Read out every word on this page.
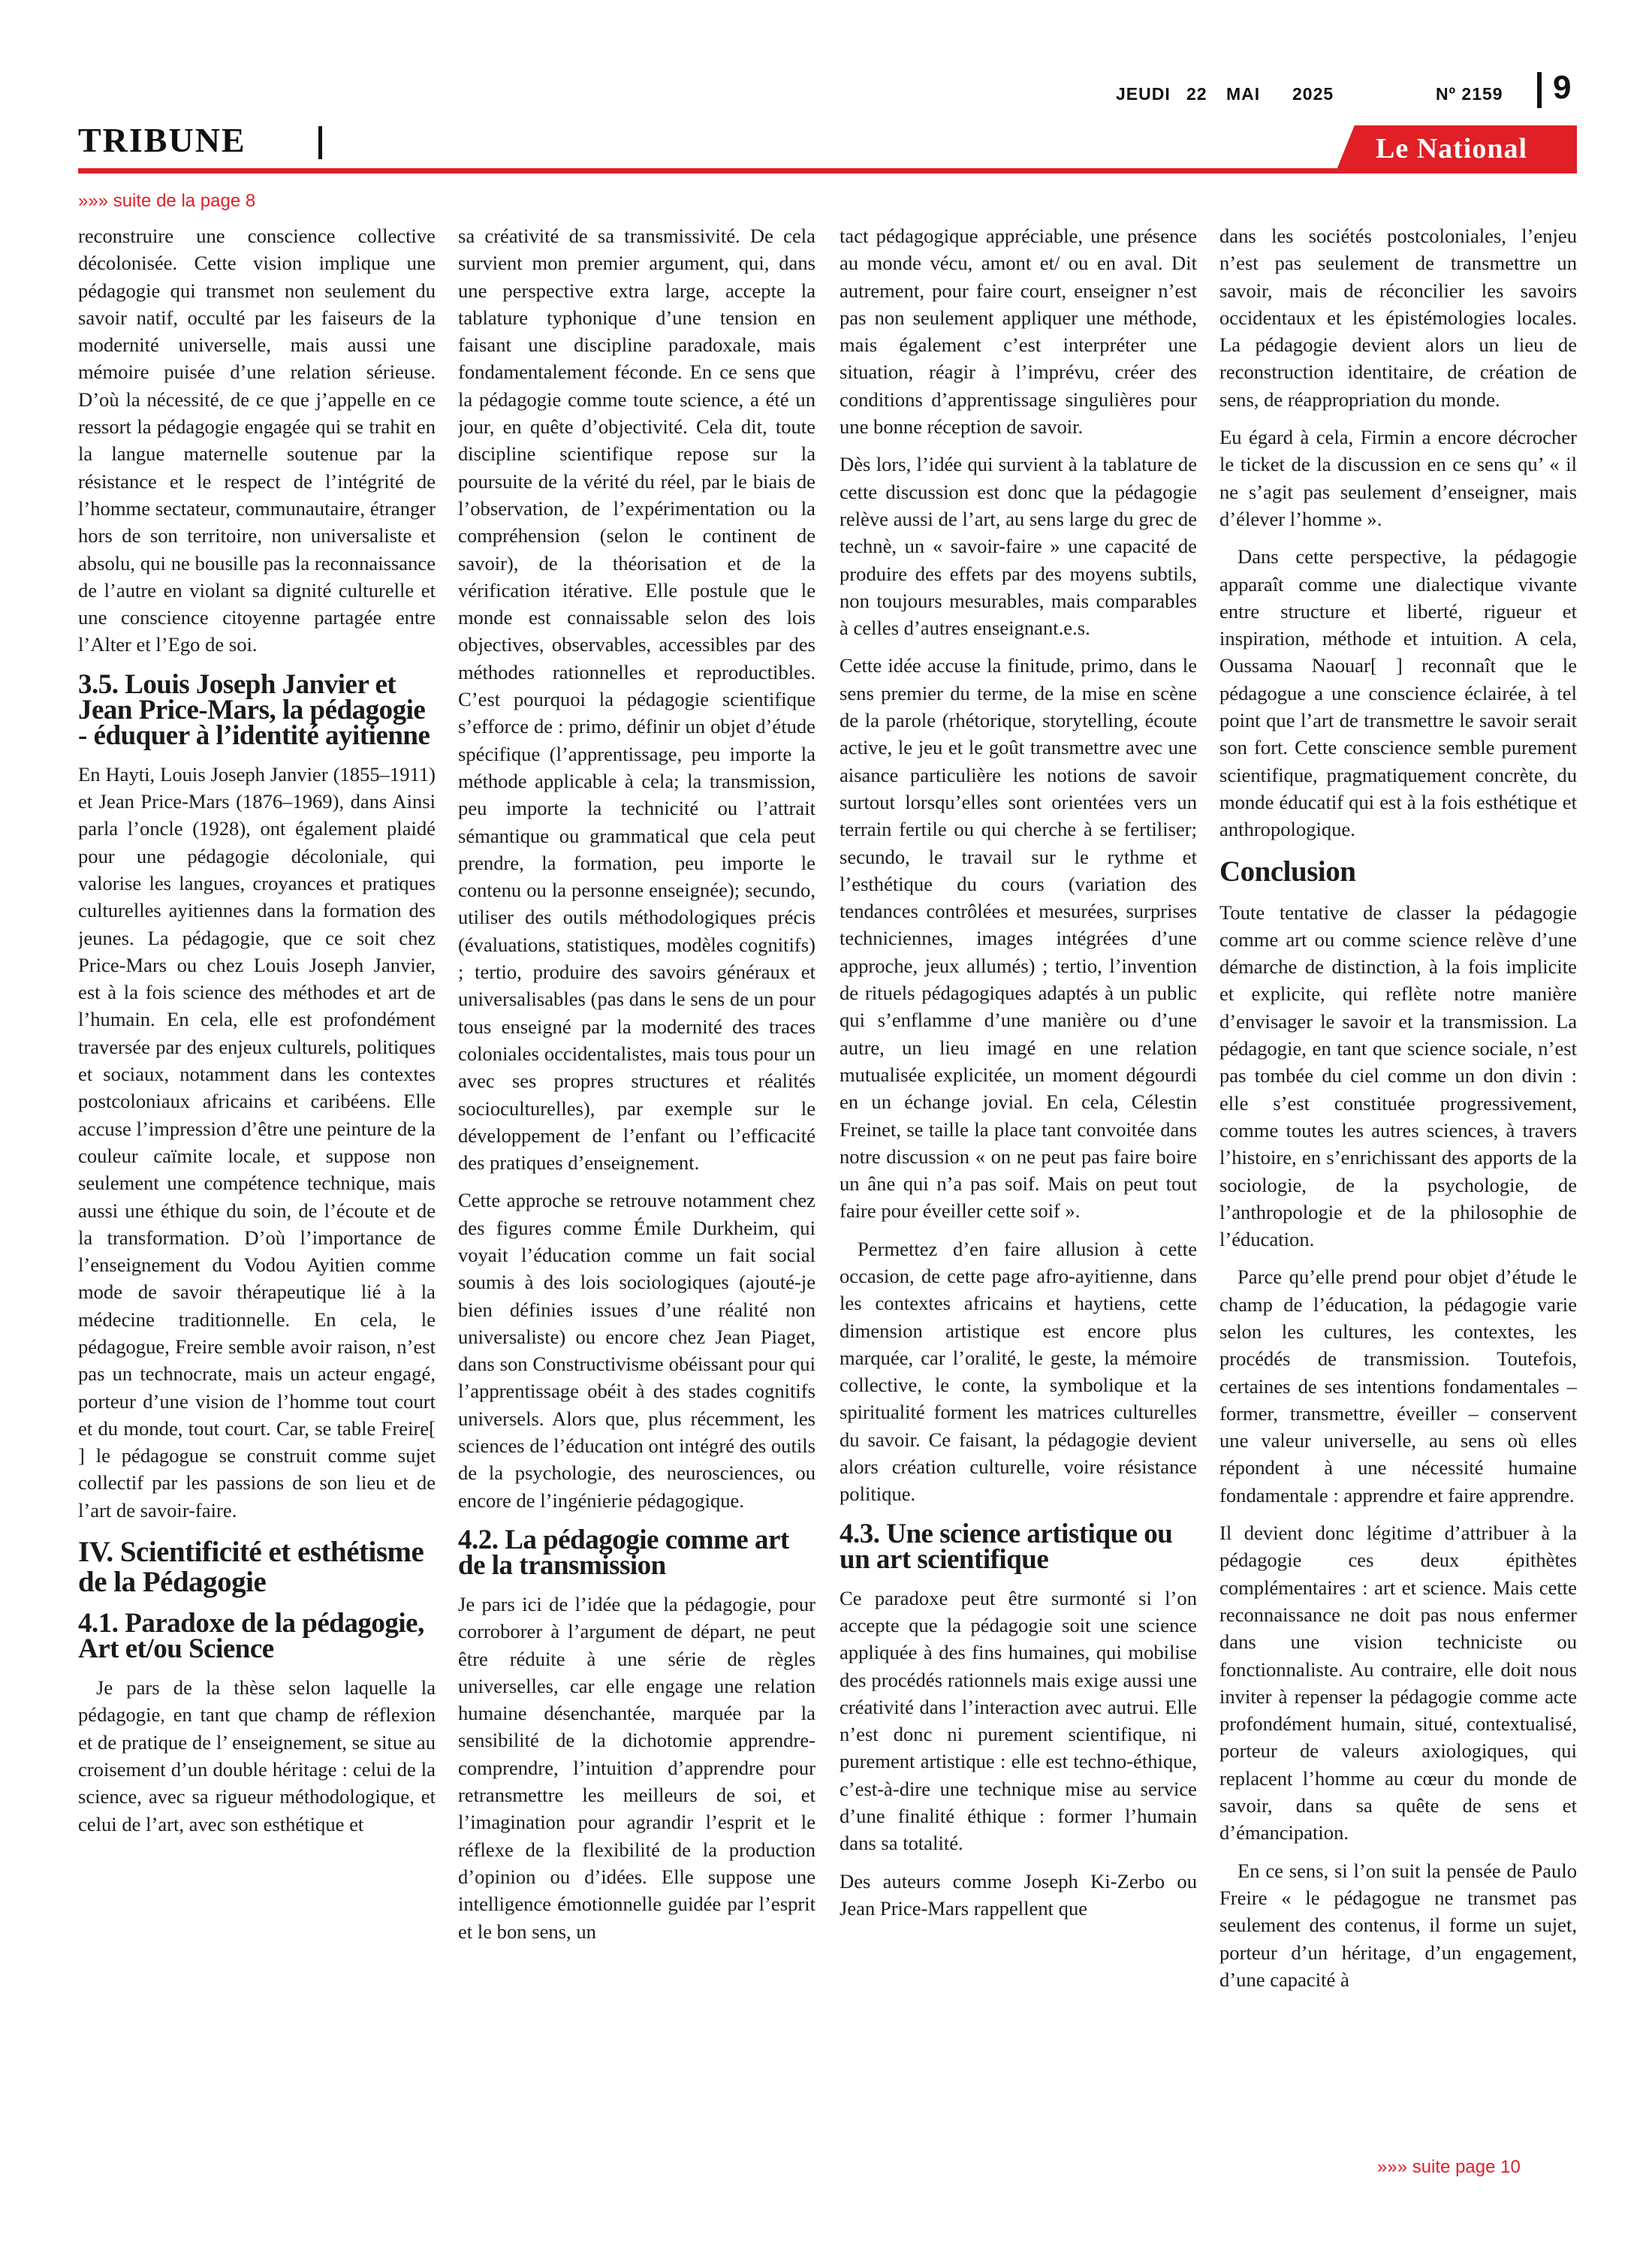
JEUDI 22 MAI 2025	Nº 2159 9
TRIBUNE	Le National
»»» suite de la page 8

reconstruire une conscience collective décolonisée. Cette vision implique une pédagogie qui transmet non seulement du savoir natif, occulté par les faiseurs de la modernité universelle, mais aussi une mémoire puisée d’une relation sérieuse. D’où la nécessité, de ce que j’appelle en ce ressort la pédagogie engagée qui se trahit en la langue maternelle soutenue par la résistance et le respect de l’intégrité de l’homme sectateur, communautaire, étranger hors de son territoire, non universaliste et absolu, qui ne bousille pas la reconnaissance de l’autre en violant sa dignité culturelle et une conscience citoyenne partagée entre l’Alter et l’Ego de soi.

3.5. Louis Joseph Janvier et Jean Price-Mars, la pédagogie - éduquer à l’identité ayitienne

En Hayti, Louis Joseph Janvier (1855–1911) et Jean Price-Mars (1876–1969), dans Ainsi parla l’oncle (1928), ont également plaidé pour une pédagogie décoloniale, qui valorise les langues, croyances et pratiques culturelles ayitiennes dans la formation des jeunes. La pédagogie, que ce soit chez Price-Mars ou chez Louis Joseph Janvier, est à la fois science des méthodes et art de l’humain. En cela, elle est profondément traversée par des enjeux culturels, politiques et sociaux, notamment dans les contextes postcoloniaux africains et caribéens. Elle accuse l’impression d’être une peinture de la couleur caïmite locale, et suppose non seulement une compétence technique, mais aussi une éthique du soin, de l’écoute et de la transformation. D’où l’importance de l’enseignement du Vodou Ayitien comme mode de savoir thérapeutique lié à la médecine traditionnelle. En cela, le pédagogue, Freire semble avoir raison, n’est pas un technocrate, mais un acteur engagé, porteur d’une vision de l’homme tout court et du monde, tout court. Car, se table Freire[ ] le pédagogue se construit comme sujet collectif par les passions de son lieu et de l’art de savoir-faire.

IV. Scientificité et esthétisme de la Pédagogie
4.1. Paradoxe de la pédagogie, Art et/ou Science

Je pars de la thèse selon laquelle la pédagogie, en tant que champ de réflexion et de pratique de l’ enseignement, se situe au croisement d’un double héritage : celui de la science, avec sa rigueur méthodologique, et celui de l’art, avec son esthétique et

sa créativité de sa transmissivité. De cela survient mon premier argument, qui, dans une perspective extra large, accepte la tablature typhonique d’une tension en faisant une discipline paradoxale, mais fondamentalement féconde. En ce sens que la pédagogie comme toute science, a été un jour, en quête d’objectivité. Cela dit, toute discipline scientifique repose sur la poursuite de la vérité du réel, par le biais de l’observation, de l’expérimentation ou la compréhension (selon le continent de savoir), de la théorisation et de la vérification itérative. Elle postule que le monde est connaissable selon des lois objectives, observables, accessibles par des méthodes rationnelles et reproductibles. C’est pourquoi la pédagogie scientifique s’efforce de : primo, définir un objet d’étude spécifique (l’apprentissage, peu importe la méthode applicable à cela; la transmission, peu importe la technicité ou l’attrait sémantique ou grammatical que cela peut prendre, la formation, peu importe le contenu ou la personne enseignée); secundo, utiliser des outils méthodologiques précis (évaluations, statistiques, modèles cognitifs) ; tertio, produire des savoirs généraux et universalisables (pas dans le sens de un pour tous enseigné par la modernité des traces coloniales occidentalistes, mais tous pour un avec ses propres structures et réalités socioculturelles), par exemple sur le développement de l’enfant ou l’efficacité des pratiques d’enseignement.

Cette approche se retrouve notamment chez des figures comme Émile Durkheim, qui voyait l’éducation comme un fait social soumis à des lois sociologiques (ajouté-je bien définies issues d’une réalité non universaliste) ou encore chez Jean Piaget, dans son Constructivisme obéissant pour qui l’apprentissage obéit à des stades cognitifs universels. Alors que, plus récemment, les sciences de l’éducation ont intégré des outils de la psychologie, des neurosciences, ou encore de l’ingénierie pédagogique.

4.2. La pédagogie comme art de la transmission

Je pars ici de l’idée que la pédagogie, pour corroborer à l’argument de départ, ne peut être réduite à une série de règles universelles, car elle engage une relation humaine désenchantée, marquée par la sensibilité de la dichotomie apprendre-comprendre, l’intuition d’apprendre pour retransmettre les meilleurs de soi, et l’imagination pour agrandir l’esprit et le réflexe de la flexibilité de la production d’opinion ou d’idées. Elle suppose une intelligence émotionnelle guidée par l’esprit et le bon sens, un

tact pédagogique appréciable, une présence au monde vécu, amont et/ ou en aval. Dit autrement, pour faire court, enseigner n’est pas non seulement appliquer une méthode, mais également c’est interpréter une situation, réagir à l’imprévu, créer des conditions d’apprentissage singulières pour une bonne réception de savoir.

Dès lors, l’idée qui survient à la tablature de cette discussion est donc que la pédagogie relève aussi de l’art, au sens large du grec de technè, un « savoir-faire » une capacité de produire des effets par des moyens subtils, non toujours mesurables, mais comparables à celles d’autres enseignant.e.s.

Cette idée accuse la finitude, primo, dans le sens premier du terme, de la mise en scène de la parole (rhétorique, storytelling, écoute active, le jeu et le goût transmettre avec une aisance particulière les notions de savoir surtout lorsqu’elles sont orientées vers un terrain fertile ou qui cherche à se fertiliser; secundo, le travail sur le rythme et l’esthétique du cours (variation des tendances contrôlées et mesurées, surprises techniciennes, images intégrées d’une approche, jeux allumés) ; tertio, l’invention de rituels pédagogiques adaptés à un public qui s’enflamme d’une manière ou d’une autre, un lieu imagé en une relation mutualisée explicitée, un moment dégourdi en un échange jovial. En cela, Célestin Freinet, se taille la place tant convoitée dans notre discussion « on ne peut pas faire boire un âne qui n’a pas soif. Mais on peut tout faire pour éveiller cette soif ».

Permettez d’en faire allusion à cette occasion, de cette page afro-ayitienne, dans les contextes africains et haytiens, cette dimension artistique est encore plus marquée, car l’oralité, le geste, la mémoire collective, le conte, la symbolique et la spiritualité forment les matrices culturelles du savoir. Ce faisant, la pédagogie devient alors création culturelle, voire résistance politique.

4.3. Une science artistique ou un art scientifique

Ce paradoxe peut être surmonté si l’on accepte que la pédagogie soit une science appliquée à des fins humaines, qui mobilise des procédés rationnels mais exige aussi une créativité dans l’interaction avec autrui. Elle n’est donc ni purement scientifique, ni purement artistique : elle est techno-éthique, c’est-à-dire une technique mise au service d’une finalité éthique : former l’humain dans sa totalité.

Des auteurs comme Joseph Ki-Zerbo ou Jean Price-Mars rappellent que

dans les sociétés postcoloniales, l’enjeu n’est pas seulement de transmettre un savoir, mais de réconcilier les savoirs occidentaux et les épistémologies locales. La pédagogie devient alors un lieu de reconstruction identitaire, de création de sens, de réappropriation du monde.

Eu égard à cela, Firmin a encore décrocher le ticket de la discussion en ce sens qu’ « il ne s’agit pas seulement d’enseigner, mais d’élever l’homme ».

Dans cette perspective, la pédagogie apparaît comme une dialectique vivante entre structure et liberté, rigueur et inspiration, méthode et intuition. A cela, Oussama Naouar[ ] reconnaît que le pédagogue a une conscience éclairée, à tel point que l’art de transmettre le savoir serait son fort. Cette conscience semble purement scientifique, pragmatiquement concrète, du monde éducatif qui est à la fois esthétique et anthropologique.

Conclusion

Toute tentative de classer la pédagogie comme art ou comme science relève d’une démarche de distinction, à la fois implicite et explicite, qui reflète notre manière d’envisager le savoir et la transmission. La pédagogie, en tant que science sociale, n’est pas tombée du ciel comme un don divin : elle s’est constituée progressivement, comme toutes les autres sciences, à travers l’histoire, en s’enrichissant des apports de la sociologie, de la psychologie, de l’anthropologie et de la philosophie de l’éducation.

Parce qu’elle prend pour objet d’étude le champ de l’éducation, la pédagogie varie selon les cultures, les contextes, les procédés de transmission. Toutefois, certaines de ses intentions fondamentales – former, transmettre, éveiller – conservent une valeur universelle, au sens où elles répondent à une nécessité humaine fondamentale : apprendre et faire apprendre.

Il devient donc légitime d’attribuer à la pédagogie ces deux épithètes complémentaires : art et science. Mais cette reconnaissance ne doit pas nous enfermer dans une vision techniciste ou fonctionnaliste. Au contraire, elle doit nous inviter à repenser la pédagogie comme acte profondément humain, situé, contextualisé, porteur de valeurs axiologiques, qui replacent l’homme au cœur du monde de savoir, dans sa quête de sens et d’émancipation.

En ce sens, si l’on suit la pensée de Paulo Freire « le pédagogue ne transmet pas seulement des contenus, il forme un sujet, porteur d’un héritage, d’un engagement, d’une capacité à

»»» suite page 10
